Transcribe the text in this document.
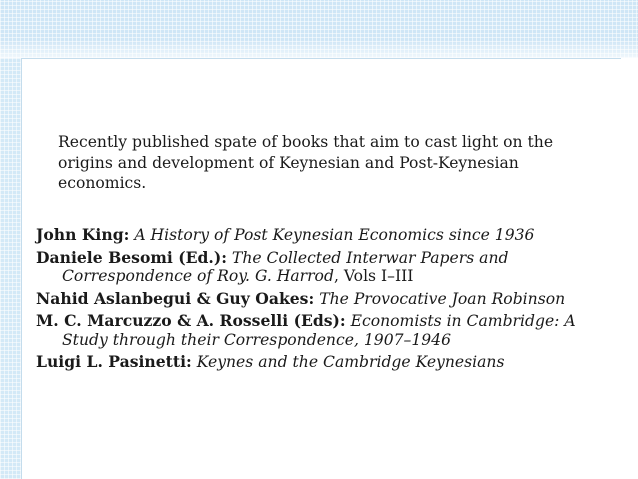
Recently published spate of books that aim to cast light on the origins and development of Keynesian and Post-Keynesian economics.
John King: A History of Post Keynesian Economics since 1936
Daniele Besomi (Ed.): The Collected Interwar Papers and Correspondence of Roy. G. Harrod, Vols I–III
Nahid Aslanbegui & Guy Oakes: The Provocative Joan Robinson
M. C. Marcuzzo & A. Rosselli (Eds): Economists in Cambridge: A Study through their Correspondence, 1907–1946
Luigi L. Pasinetti: Keynes and the Cambridge Keynesians
